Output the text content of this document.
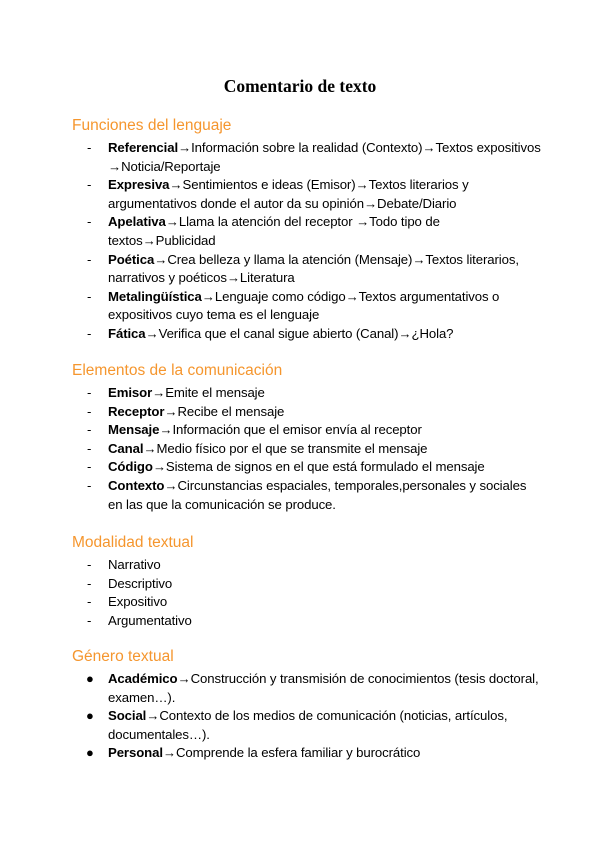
Comentario de texto
Funciones del lenguaje
- Referencial→Información sobre la realidad (Contexto)→Textos expositivos →Noticia/Reportaje
- Expresiva→Sentimientos e ideas (Emisor)→Textos literarios y argumentativos donde el autor da su opinión→Debate/Diario
- Apelativa→Llama la atención del receptor →Todo tipo de textos→Publicidad
- Poética→Crea belleza y llama la atención (Mensaje)→Textos literarios, narrativos y poéticos→Literatura
- Metalingüística→Lenguaje como código→Textos argumentativos o expositivos cuyo tema es el lenguaje
- Fática→Verifica que el canal sigue abierto (Canal)→¿Hola?
Elementos de la comunicación
- Emisor→Emite el mensaje
- Receptor→Recibe el mensaje
- Mensaje→Información que el emisor envía al receptor
- Canal→Medio físico por el que se transmite el mensaje
- Código→Sistema de signos en el que está formulado el mensaje
- Contexto→Circunstancias espaciales, temporales,personales y sociales en las que la comunicación se produce.
Modalidad textual
- Narrativo
- Descriptivo
- Expositivo
- Argumentativo
Género textual
● Académico→Construcción y transmisión de conocimientos (tesis doctoral, examen…).
● Social→Contexto de los medios de comunicación (noticias, artículos, documentales…).
● Personal→Comprende la esfera familiar y burocrático
